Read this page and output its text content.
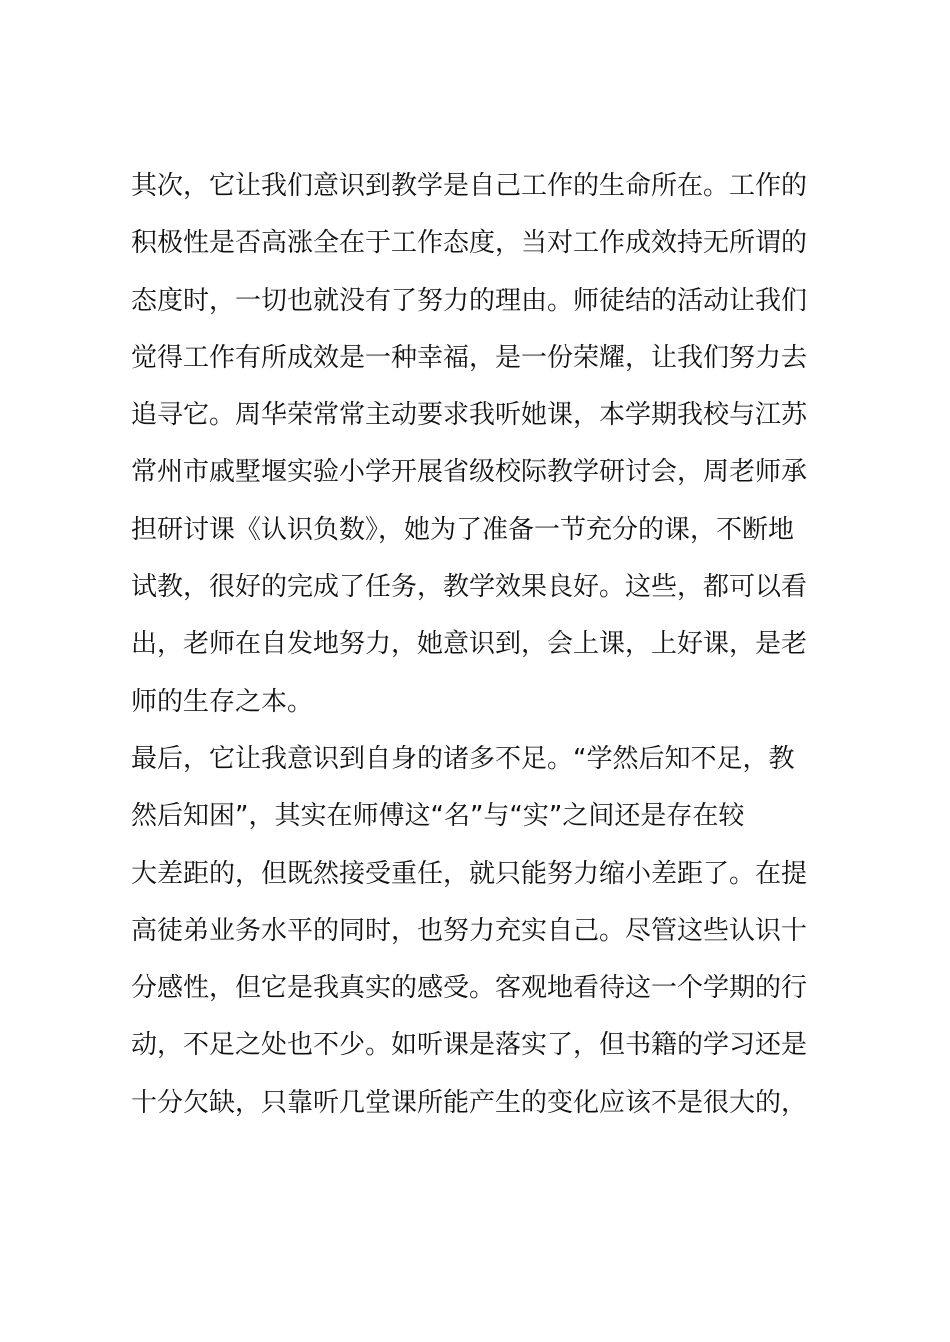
其次，它让我们意识到教学是自己工作的生命所在。工作的
积极性是否高涨全在于工作态度，当对工作成效持无所谓的
态度时，一切也就没有了努力的理由。师徒结的活动让我们
觉得工作有所成效是一种幸福，是一份荣耀，让我们努力去
追寻它。周华荣常常主动要求我听她课，本学期我校与江苏
常州市戚墅堰实验小学开展省级校际教学研讨会，周老师承
担研讨课《认识负数》，她为了准备一节充分的课，不断地
试教，很好的完成了任务，教学效果良好。这些，都可以看
出，老师在自发地努力，她意识到，会上课，上好课，是老
师的生存之本。
最后，它让我意识到自身的诸多不足。“学然后知不足，教
然后知困”，其实在师傅这“名”与“实”之间还是存在较
大差距的，但既然接受重任，就只能努力缩小差距了。在提
高徒弟业务水平的同时，也努力充实自己。尽管这些认识十
分感性，但它是我真实的感受。客观地看待这一个学期的行
动，不足之处也不少。如听课是落实了，但书籍的学习还是
十分欠缺，只靠听几堂课所能产生的变化应该不是很大的，
